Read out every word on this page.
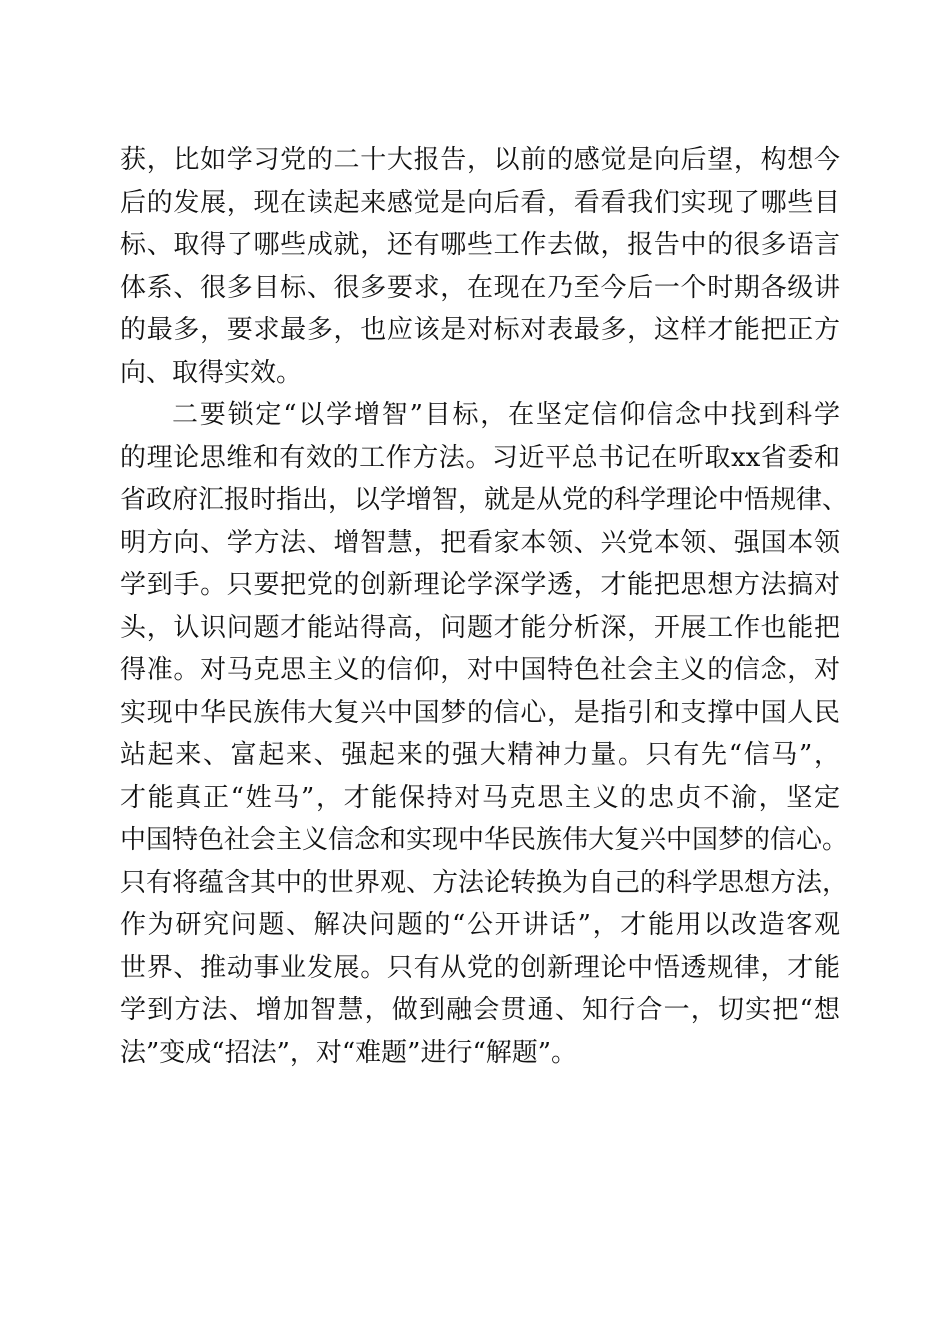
获，比如学习党的二十大报告，以前的感觉是向后望，构想今
后的发展，现在读起来感觉是向后看，看看我们实现了哪些目
标、取得了哪些成就，还有哪些工作去做，报告中的很多语言
体系、很多目标、很多要求，在现在乃至今后一个时期各级讲
的最多，要求最多，也应该是对标对表最多，这样才能把正方
向、取得实效。
二要锁定“以学增智”目标，在坚定信仰信念中找到科学
的理论思维和有效的工作方法。习近平总书记在听取xx省委和
省政府汇报时指出，以学增智，就是从党的科学理论中悟规律、
明方向、学方法、增智慧，把看家本领、兴党本领、强国本领
学到手。只要把党的创新理论学深学透，才能把思想方法搞对
头，认识问题才能站得高，问题才能分析深，开展工作也能把
得准。对马克思主义的信仰，对中国特色社会主义的信念，对
实现中华民族伟大复兴中国梦的信心，是指引和支撑中国人民
站起来、富起来、强起来的强大精神力量。只有先“信马”，
才能真正“姓马”，才能保持对马克思主义的忠贞不渝，坚定
中国特色社会主义信念和实现中华民族伟大复兴中国梦的信心。
只有将蕴含其中的世界观、方法论转换为自己的科学思想方法，
作为研究问题、解决问题的“公开讲话”，才能用以改造客观
世界、推动事业发展。只有从党的创新理论中悟透规律，才能
学到方法、增加智慧，做到融会贯通、知行合一，切实把“想
法”变成“招法”，对“难题”进行“解题”。
